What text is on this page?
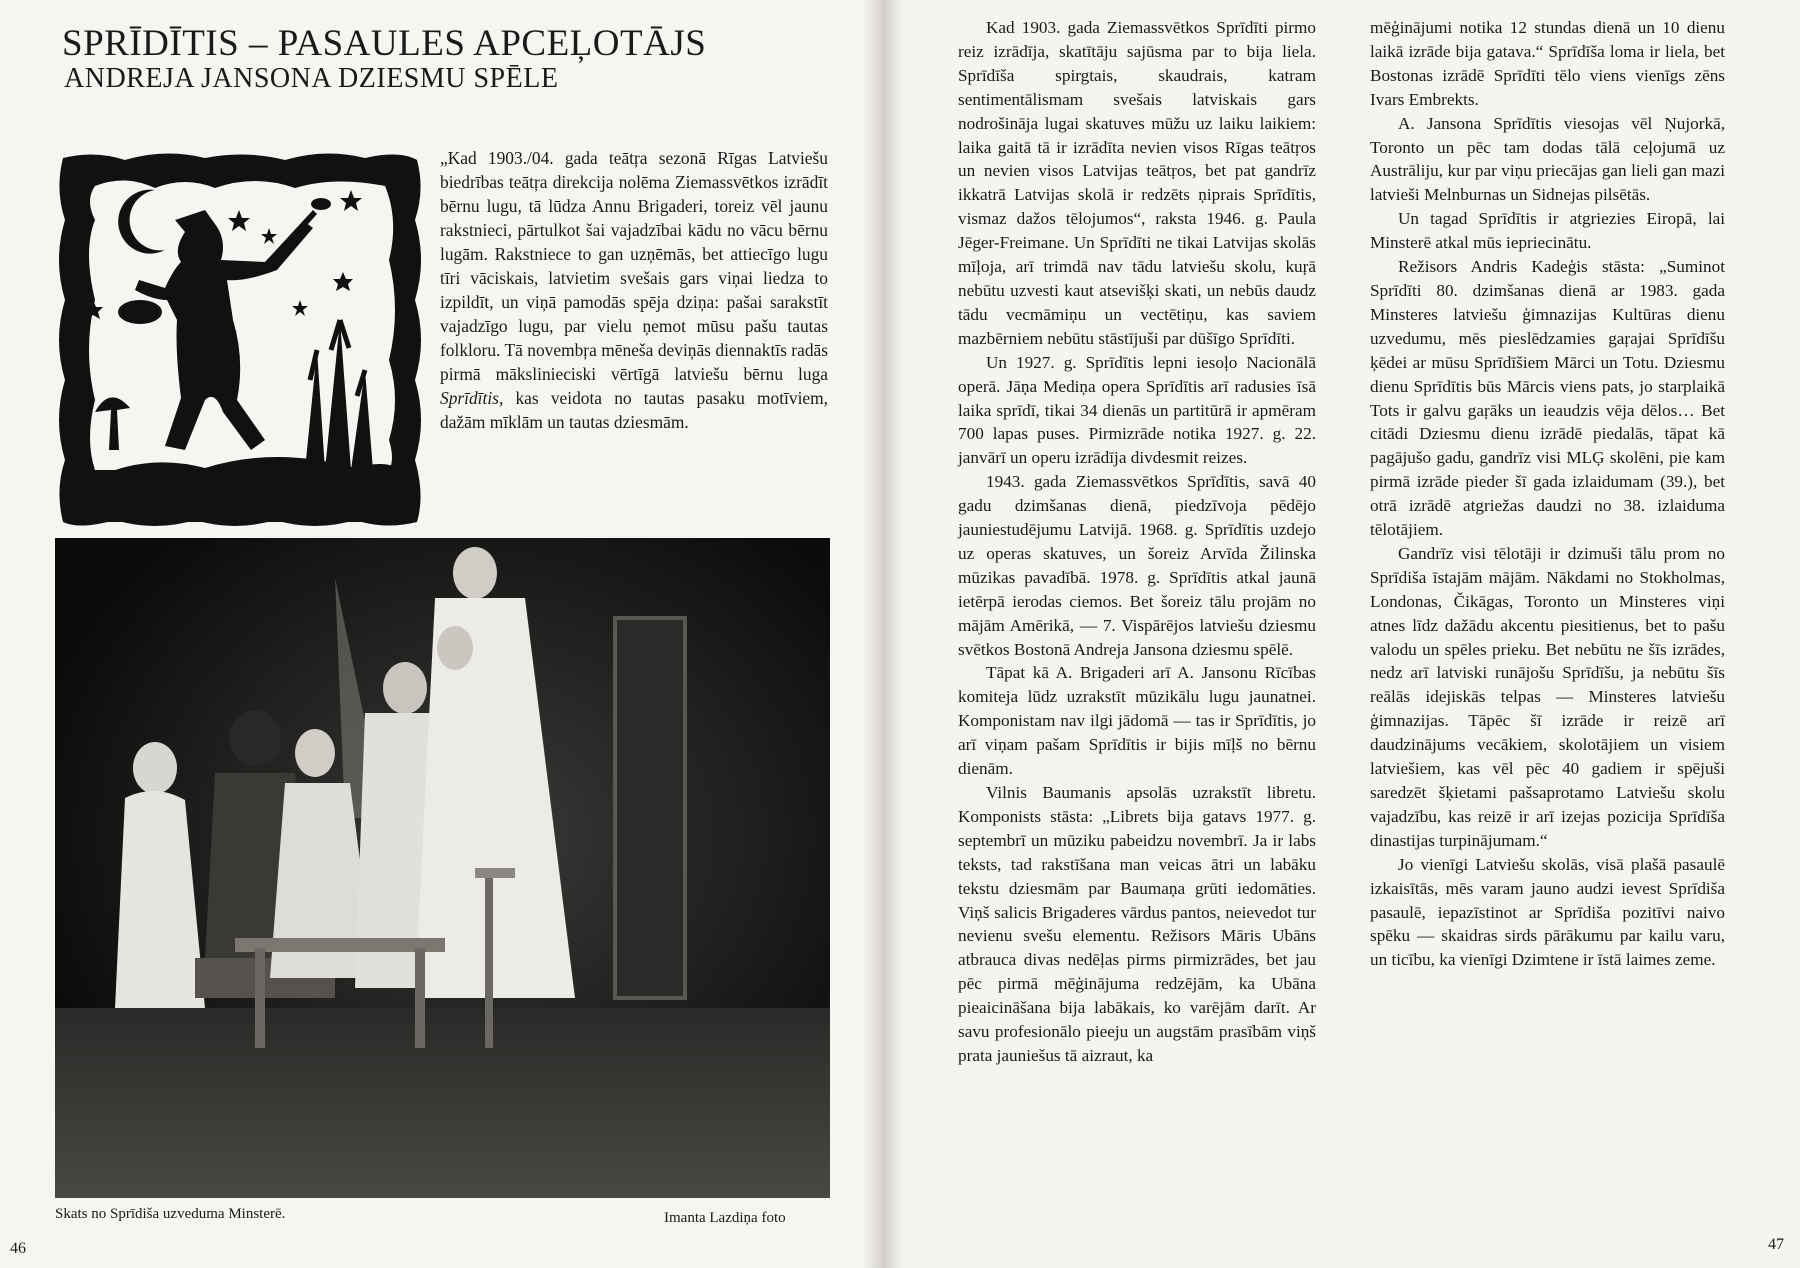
SPRĪDĪTIS – PASAULES APCEĻOTĀJS
ANDREJA JANSONA DZIESMU SPĒLE

„Kad 1903./04. gada teātŗa sezonā Rīgas Latviešu biedrības teātŗa direkcija nolēma Ziemassvētkos izrādīt bērnu lugu, tā lūdza Annu Brigaderi, toreiz vēl jaunu rakstnieci, pārtulkot šai vajadzībai kādu no vācu bērnu lugām. Rakstniece to gan uzņēmās, bet attiecīgo lugu tīri vāciskais, latvietim svešais gars viņai liedza to izpildīt, un viņā pamodās spēja dziņa: pašai sarakstīt vajadzīgo lugu, par vielu ņemot mūsu pašu tautas folkloru. Tā novembŗa mēneša deviņās diennaktīs radās pirmā mākslinieciski vērtīgā latviešu bērnu luga Sprīdītis, kas veidota no tautas pasaku motīviem, dažām mīklām un tautas dziesmām.

Skats no Sprīdiša uzveduma Minsterē.	Imanta Lazdiņa foto

46	47

Kad 1903. gada Ziemassvētkos Sprīdīti pirmo reiz izrādīja, skatītāju sajūsma par to bija liela. Sprīdīša spirgtais, skaudrais, katram sentimentālismam svešais latviskais gars nodrošināja lugai skatuves mūžu uz laiku laikiem: laika gaitā tā ir izrādīta nevien visos Rīgas teātŗos un nevien visos Latvijas teātŗos, bet pat gandrīz ikkatrā Latvijas skolā ir redzēts ņiprais Sprīdītis, vismaz dažos tēlojumos“, raksta 1946. g. Paula Jēger-Freimane. Un Sprīdīti ne tikai Latvijas skolās mīļoja, arī trimdā nav tādu latviešu skolu, kuŗā nebūtu uzvesti kaut atsevišķi skati, un nebūs daudz tādu vecmāmiņu un vectētiņu, kas saviem mazbērniem nebūtu stāstījuši par dūšīgo Sprīdīti.

Un 1927. g. Sprīdītis lepni iesoļo Nacionālā operā. Jāņa Mediņa opera Sprīdītis arī radusies īsā laika sprīdī, tikai 34 dienās un partitūrā ir apmēram 700 lapas puses. Pirmizrāde notika 1927. g. 22. janvārī un operu izrādīja divdesmit reizes.

1943. gada Ziemassvētkos Sprīdītis, savā 40 gadu dzimšanas dienā, piedzīvoja pēdējo jauniestudējumu Latvijā. 1968. g. Sprīdītis uzdejo uz operas skatuves, un šoreiz Arvīda Žilinska mūzikas pavadībā. 1978. g. Sprīdītis atkal jaunā ietērpā ierodas ciemos. Bet šoreiz tālu projām no mājām Amērikā, — 7. Vispārējos latviešu dziesmu svētkos Bostonā Andreja Jansona dziesmu spēlē.

Tāpat kā A. Brigaderi arī A. Jansonu Rīcības komiteja lūdz uzrakstīt mūzikālu lugu jaunatnei. Komponistam nav ilgi jādomā — tas ir Sprīdītis, jo arī viņam pašam Sprīdītis ir bijis mīļš no bērnu dienām.

Vilnis Baumanis apsolās uzrakstīt libretu. Komponists stāsta: „Librets bija gatavs 1977. g. septembrī un mūziku pabeidzu novembrī. Ja ir labs teksts, tad rakstīšana man veicas ātri un labāku tekstu dziesmām par Baumaņa grūti iedomāties. Viņš salicis Brigaderes vārdus pantos, neievedot tur nevienu svešu elementu. Režisors Māris Ubāns atbrauca divas nedēļas pirms pirmizrādes, bet jau pēc pirmā mēģinājuma redzējām, ka Ubāna pieaicināšana bija labākais, ko varējām darīt. Ar savu profesionālo pieeju un augstām prasībām viņš prata jauniešus tā aizraut, ka

mēģinājumi notika 12 stundas dienā un 10 dienu laikā izrāde bija gatava.“ Sprīdīša loma ir liela, bet Bostonas izrādē Sprīdīti tēlo viens vienīgs zēns Ivars Embrekts.

A. Jansona Sprīdītis viesojas vēl Ņujorkā, Toronto un pēc tam dodas tālā ceļojumā uz Austrāliju, kur par viņu priecājas gan lieli gan mazi latvieši Melnburnas un Sidnejas pilsētās.

Un tagad Sprīdītis ir atgriezies Eiropā, lai Minsterē atkal mūs iepriecinātu.

Režisors Andris Kadeģis stāsta: „Suminot Sprīdīti 80. dzimšanas dienā ar 1983. gada Minsteres latviešu ģimnazijas Kultūras dienu uzvedumu, mēs pieslēdzamies gaŗajai Sprīdīšu ķēdei ar mūsu Sprīdīšiem Mārci un Totu. Dziesmu dienu Sprīdītis būs Mārcis viens pats, jo starplaikā Tots ir galvu gaŗāks un ieaudzis vēja dēlos… Bet citādi Dziesmu dienu izrādē piedalās, tāpat kā pagājušo gadu, gandrīz visi MLĢ skolēni, pie kam pirmā izrāde pieder šī gada izlaidumam (39.), bet otrā izrādē atgriežas daudzi no 38. izlaiduma tēlotājiem.

Gandrīz visi tēlotāji ir dzimuši tālu prom no Sprīdiša īstajām mājām. Nākdami no Stokholmas, Londonas, Čikāgas, Toronto un Minsteres viņi atnes līdz dažādu akcentu piesitienus, bet to pašu valodu un spēles prieku. Bet nebūtu ne šīs izrādes, nedz arī latviski runājošu Sprīdīšu, ja nebūtu šīs reālās idejiskās telpas — Minsteres latviešu ģimnazijas. Tāpēc šī izrāde ir reizē arī daudzinājums vecākiem, skolotājiem un visiem latviešiem, kas vēl pēc 40 gadiem ir spējuši saredzēt šķietami pašsaprotamo Latviešu skolu vajadzību, kas reizē ir arī izejas pozicija Sprīdīša dinastijas turpinājumam.“

Jo vienīgi Latviešu skolās, visā plašā pasaulē izkaisītās, mēs varam jauno audzi ievest Sprīdiša pasaulē, iepazīstinot ar Sprīdiša pozitīvi naivo spēku — skaidras sirds pārākumu par kailu varu, un ticību, ka vienīgi Dzimtene ir īstā laimes zeme.
